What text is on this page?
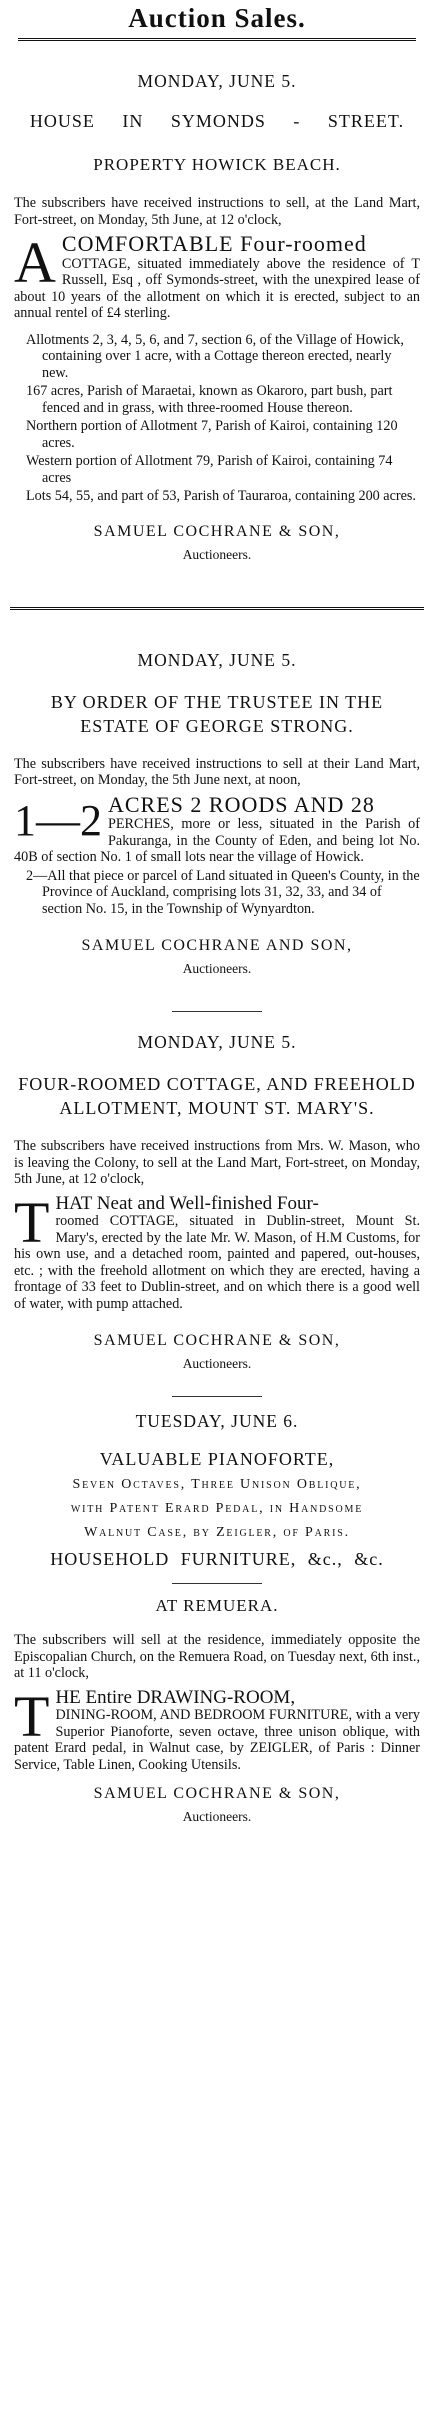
Auction Sales.
MONDAY, JUNE 5.
HOUSE IN SYMONDS - STREET.
PROPERTY HOWICK BEACH.
The subscribers have received instructions to sell, at the Land Mart, Fort-street, on Monday, 5th June, at 12 o'clock,
A COMFORTABLE Four-roomed
COTTAGE, situated immediately above the residence of T Russell, Esq , off Symonds-street, with the unexpired lease of about 10 years of the allotment on which it is erected, subject to an annual rentel of £4 sterling.

Allotments 2, 3, 4, 5, 6, and 7, section 6, of the Village of Howick, containing over 1 acre, with a Cottage thereon erected, nearly new.

167 acres, Parish of Maraetai, known as Okaroro, part bush, part fenced and in grass, with three-roomed House thereon.

Northern portion of Allotment 7, Parish of Kairoi, containing 120 acres.

Western portion of Allotment 79, Parish of Kairoi, containing 74 acres

Lots 54, 55, and part of 53, Parish of Tauraroa, containing 200 acres.

SAMUEL COCHRANE & SON,
Auctioneers.
MONDAY, JUNE 5.
BY ORDER OF THE TRUSTEE IN THE ESTATE OF GEORGE STRONG.
The subscribers have received instructions to sell at their Land Mart, Fort-street, on Monday, the 5th June next, at noon,
1—2 ACRES 2 ROODS AND 28
PERCHES, more or less, situated in the Parish of Pakuranga, in the County of Eden, and being lot No. 40B of section No. 1 of small lots near the village of Howick.

2—All that piece or parcel of Land situated in Queen's County, in the Province of Auckland, comprising lots 31, 32, 33, and 34 of section No. 15, in the Township of Wynyardton.

SAMUEL COCHRANE AND SON,
Auctioneers.
MONDAY, JUNE 5.
FOUR-ROOMED COTTAGE, AND FREEHOLD ALLOTMENT, MOUNT ST. MARY'S.
The subscribers have received instructions from Mrs. W. Mason, who is leaving the Colony, to sell at the Land Mart, Fort-street, on Monday, 5th June, at 12 o'clock,
T HAT Neat and Well-finished Four-
roomed COTTAGE, situated in Dublin-street, Mount St. Mary's, erected by the late Mr. W. Mason, of H.M Customs, for his own use, and a detached room, painted and papered, out-houses, etc. ; with the freehold allotment on which they are erected, having a frontage of 33 feet to Dublin-street, and on which there is a good well of water, with pump attached.
SAMUEL COCHRANE & SON,
Auctioneers.
TUESDAY, JUNE 6.
VALUABLE PIANOFORTE,
Seven Octaves, Three Unison Oblique,
with Patent Erard Pedal, in Handsome
Walnut Case, by Zeigler, of Paris.
HOUSEHOLD FURNITURE, &c., &c.
AT REMUERA.
The subscribers will sell at the residence, immediately opposite the Episcopalian Church, on the Remuera Road, on Tuesday next, 6th inst., at 11 o'clock,
T HE Entire DRAWING-ROOM,
DINING-ROOM, AND BEDROOM FURNITURE, with a very Superior Pianoforte, seven octave, three unison oblique, with patent Erard pedal, in Walnut case, by ZEIGLER, of Paris : Dinner Service, Table Linen, Cooking Utensils.
SAMUEL COCHRANE & SON,
Auctioneers.
